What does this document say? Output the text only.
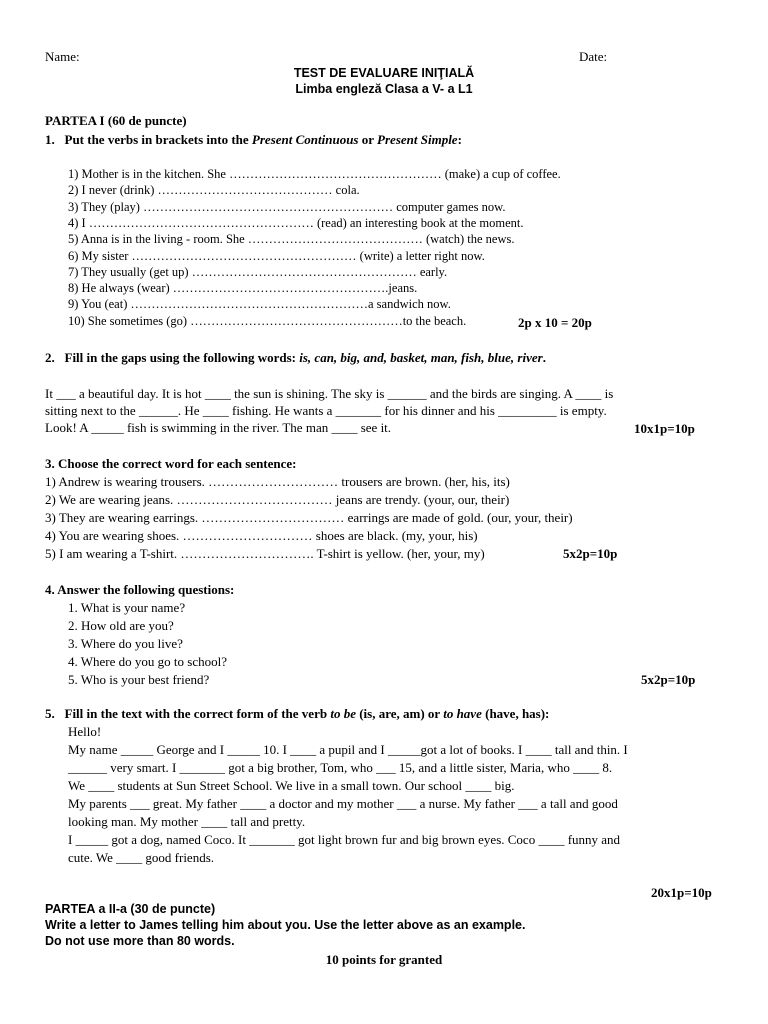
Name:	Date:
TEST DE EVALUARE INIŢIALĂ
Limba engleză Clasa a V- a L1
PARTEA I (60 de puncte)
1. Put the verbs in brackets into the Present Continuous or Present Simple:
1) Mother is in the kitchen. She …………………………………………… (make) a cup of coffee.
2) I never (drink) …………………………………… cola.
3) They (play) …………………………………………………… computer games now.
4) I ……………………………………………… (read) an interesting book at the moment.
5) Anna is in the living - room. She …………………………………… (watch) the news.
6) My sister ……………………………………………… (write) a letter right now.
7) They usually (get up) ……………………………………………… early.
8) He always (wear) …………………………………………….jeans.
9) You (eat) …………………………………………………a sandwich now.
10) She sometimes (go) ……………………………………………to the beach.	2p x 10 = 20p
2. Fill in the gaps using the following words: is, can, big, and, basket, man, fish, blue, river.
It ___ a beautiful day. It is hot ____ the sun is shining. The sky is ______ and the birds are singing. A ____ is
sitting next to the ______. He ____ fishing. He wants a _______ for his dinner and his _________ is empty.
Look! A _____ fish is swimming in the river. The man ____ see it.	10x1p=10p
3. Choose the correct word for each sentence:
1) Andrew is wearing trousers. ………………………… trousers are brown. (her, his, its)
2) We are wearing jeans. ……………………………… jeans are trendy. (your, our, their)
3) They are wearing earrings. …………………………… earrings are made of gold. (our, your, their)
4) You are wearing shoes. ………………………… shoes are black. (my, your, his)
5) I am wearing a T-shirt. …………………………. T-shirt is yellow. (her, your, my)	5x2p=10p
4. Answer the following questions:
1. What is your name?
2. How old are you?
3. Where do you live?
4. Where do you go to school?
5. Who is your best friend?	5x2p=10p
5. Fill in the text with the correct form of the verb to be (is, are, am) or to have (have, has):
Hello!
My name _____ George and I _____ 10. I ____ a pupil and I _____got a lot of books. I ____ tall and thin. I
______ very smart. I _______ got a big brother, Tom, who ___ 15, and a little sister, Maria, who ____ 8.
We ____ students at Sun Street School. We live in a small town. Our school ____ big.
My parents ___ great. My father ____ a doctor and my mother ___ a nurse. My father ___ a tall and good
looking man. My mother ____ tall and pretty.
I _____ got a dog, named Coco. It _______ got light brown fur and big brown eyes. Coco ____ funny and
cute. We ____ good friends.
20x1p=10p
PARTEA a II-a (30 de puncte)
Write a letter to James telling him about you. Use the letter above as an example.
Do not use more than 80 words.
10 points for granted
